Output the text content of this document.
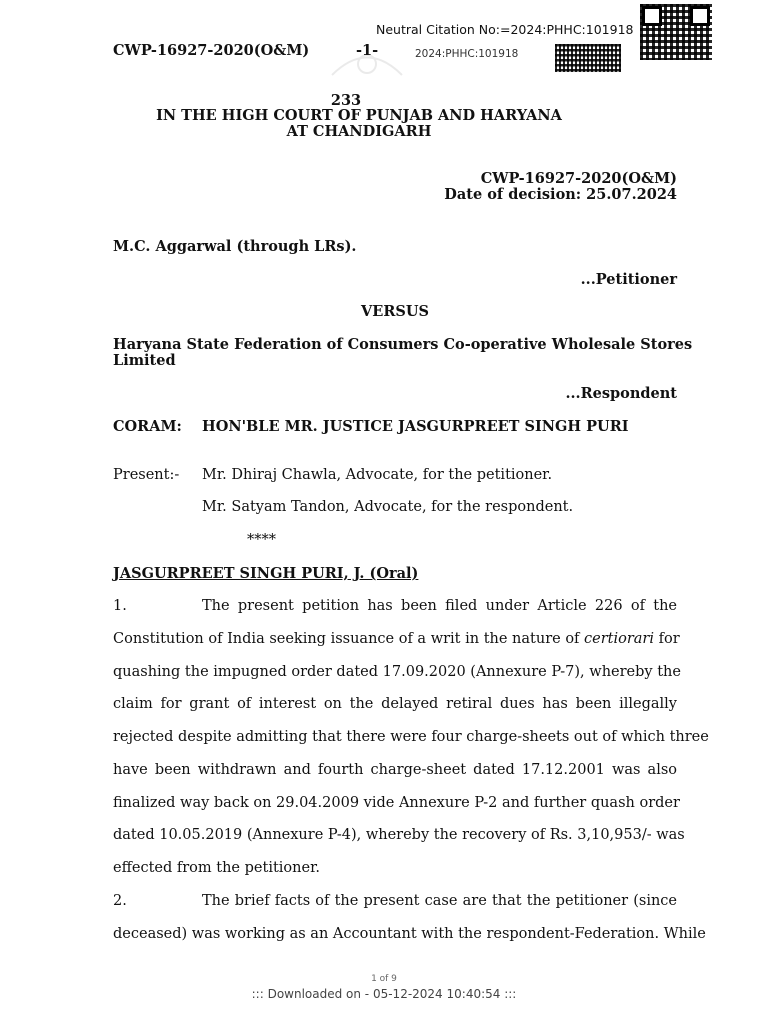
Neutral Citation No:=2024:PHHC:101918
2024:PHHC:101918
CWP-16927-2020(O&M)	-1-
233
IN THE HIGH COURT OF PUNJAB AND HARYANA
AT CHANDIGARH
CWP-16927-2020(O&M)
Date of decision: 25.07.2024
M.C. Aggarwal (through LRs).
...Petitioner
VERSUS
Haryana State Federation of Consumers Co-operative Wholesale Stores
Limited
...Respondent
CORAM: HON'BLE MR. JUSTICE JASGURPREET SINGH PURI
Present:- Mr. Dhiraj Chawla, Advocate, for the petitioner.
Mr. Satyam Tandon, Advocate, for the respondent.
****
JASGURPREET SINGH PURI, J. (Oral)
1.	The present petition has been filed under Article 226 of the
Constitution of India seeking issuance of a writ in the nature of certiorari for
quashing the impugned order dated 17.09.2020 (Annexure P-7), whereby the
claim for grant of interest on the delayed retiral dues has been illegally
rejected despite admitting that there were four charge-sheets out of which three
have been withdrawn and fourth charge-sheet dated 17.12.2001 was also
finalized way back on 29.04.2009 vide Annexure P-2 and further quash order
dated 10.05.2019 (Annexure P-4), whereby the recovery of Rs. 3,10,953/- was
effected from the petitioner.
2.	The brief facts of the present case are that the petitioner (since
deceased) was working as an Accountant with the respondent-Federation. While
1 of 9
::: Downloaded on - 05-12-2024 10:40:54 :::
